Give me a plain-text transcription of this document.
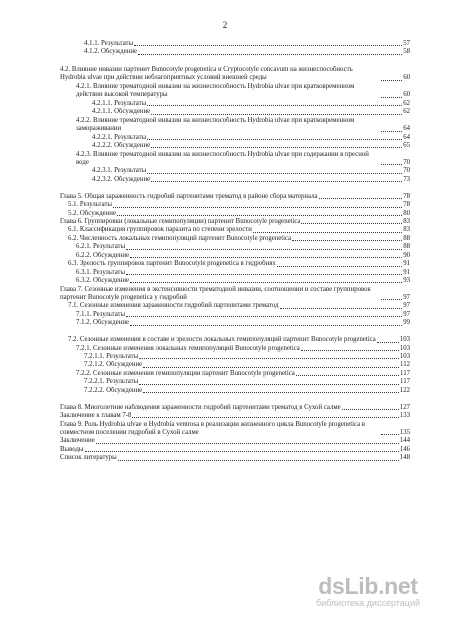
2
4.1.1. Результаты	57
4.1.2. Обсуждение	58
4.2. Влияние инвазии партенит Bunocotyle progenetica и Cryptocotyle concavum на жизнеспособность Hydrobia ulvae при действии неблагоприятных условий внешней среды	60
4.2.1. Влияние трематодной инвазии на жизнеспособность Hydrobia ulvae при кратковременном действии высокой температуры	60
4.2.1.1. Результаты	62
4.2.1.1. Обсуждение	62
4.2.2. Влияние трематодной инвазии на жизнеспособность Hydrobia ulvae при кратковременном замораживании	64
4.2.2.1. Результаты	64
4.2.2.2. Обсуждение	65
4.2.3. Влияние трематодной инвазии на жизнеспособность Hydrobia ulvae при содержании в пресной воде	70
4.2.3.1. Результаты	70
4.2.3.2. Обсуждение	73
Глава 5. Общая зараженность гидробий партенитами трематод в районе сбора материала	78
5.1. Результаты	78
5.2. Обсуждение	80
Глава 6. Группировки (локальные гемипопуляции) партенит Bunocotyle progenetica	83
6.1. Классификация группировок паразита по степени зрелости	83
6.2. Численность локальных гемипопуляций партенит Bunocotyle progenetica	88
6.2.1. Результаты	88
6.2.2. Обсуждение	90
6.3. Зрелость группировок партенит Bunocotyle progenetica в гидробиях	91
6.3.1. Результаты	91
6.3.2. Обсуждение	93
Глава 7. Сезонные изменения в экстенсивности трематодной инвазии, соотношении и составе группировок партенит Bunocotyle progenetica у гидробий	97
7.1. Сезонные изменения зараженности гидробий партенитами трематод	97
7.1.1. Результаты	97
7.1.2. Обсуждение	99
7.2. Сезонные изменения в составе и зрелости локальных гемипопуляций партенит Bunocotyle progenetica	103
7.2.1. Сезонные изменения локальных гемипопуляций Bunocotyle progenetica	103
7.2.1.1. Результаты	103
7.2.1.2. Обсуждение	112
7.2.2. Сезонные изменения гемипопуляции партенит Bunocotyle progenetica	117
7.2.2.1. Результаты	117
7.2.2.2. Обсуждение	122
Глава 8. Многолетние наблюдения зараженности гидробий партенитами трематод в Сухой салме	127
Заключение к главам 7-8	133
Глава 9. Роль Hydrobia ulvae и Hydrobia ventrosa в реализации жизненного цикла Bunocotyle progenetica в совместном поселении гидробий в Сухой салме	135
Заключение	144
Выводы	146
Список литературы	148
dsLib.net
библиотека диссертаций
